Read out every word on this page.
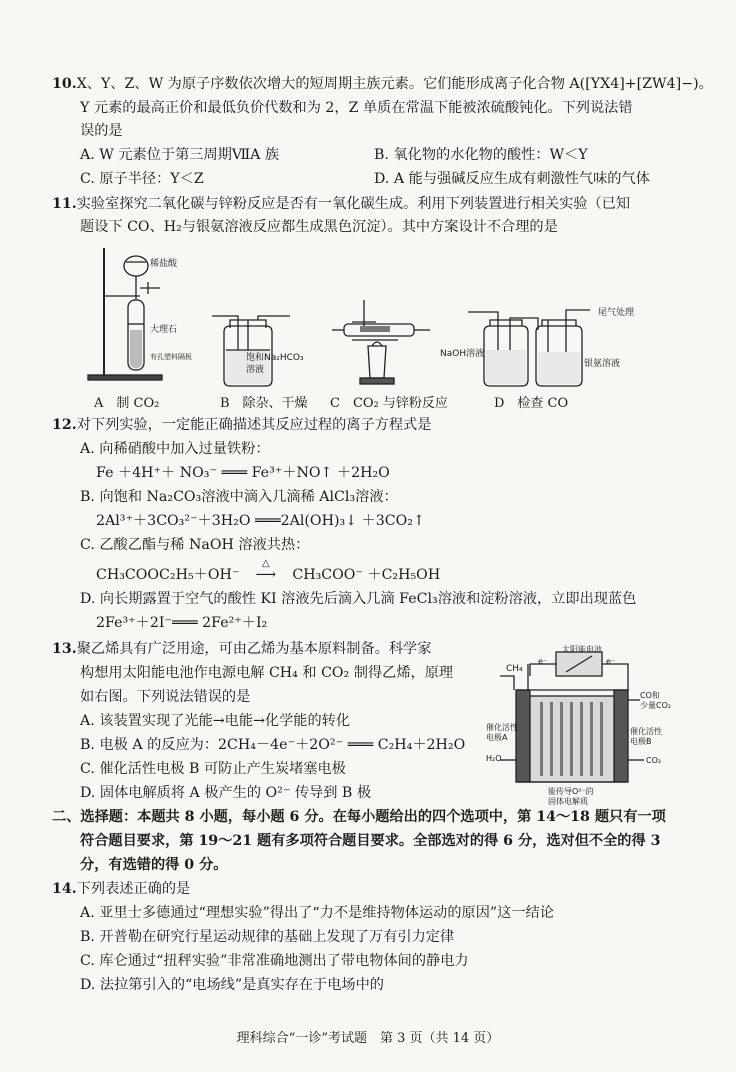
10.X、Y、Z、W 为原子序数依次增大的短周期主族元素。它们能形成离子化合物 A([YX4]+[ZW4]−)。
Y 元素的最高正价和最低负价代数和为 2，Z 单质在常温下能被浓硫酸钝化。下列说法错
误的是
A. W 元素位于第三周期ⅦA 族	B. 氧化物的水化物的酸性：W＜Y
C. 原子半径：Y＜Z	D. A 能与强碱反应生成有刺激性气味的气体
11.实验室探究二氧化碳与锌粉反应是否有一氧化碳生成。利用下列装置进行相关实验（已知
题设下 CO、H₂与银氨溶液反应都生成黑色沉淀）。其中方案设计不合理的是
稀盐酸
大理石
有孔塑料隔板	饱和Na₂HCO₃
溶液
尾气处理
NaOH溶液
银氨溶液
A　制 CO₂	B　除杂、干燥 C　CO₂ 与锌粉反应	D　检查 CO
12.对下列实验，一定能正确描述其反应过程的离子方程式是
A. 向稀硝酸中加入过量铁粉：
Fe ＋4H⁺＋ NO₃⁻ ═══ Fe³⁺＋NO↑ ＋2H₂O
B. 向饱和 Na₂CO₃溶液中滴入几滴稀 AlCl₃溶液：
2Al³⁺＋3CO₃²⁻＋3H₂O ═══2Al(OH)₃↓ ＋3CO₂↑
C. 乙酸乙酯与稀 NaOH 溶液共热：
CH₃COOC₂H₅＋OH⁻
△
⟶ CH₃COO⁻ ＋C₂H₅OH
D. 向长期露置于空气的酸性 KI 溶液先后滴入几滴 FeCl₃溶液和淀粉溶液，立即出现蓝色
2Fe³⁺＋2I⁻═══ 2Fe²⁺＋I₂
13.聚乙烯具有广泛用途，可由乙烯为基本原料制备。科学家
构想用太阳能电池作电源电解 CH₄ 和 CO₂ 制得乙烯，原理
如右图。下列说法错误的是
A. 该装置实现了光能→电能→化学能的转化
B. 电极 A 的反应为：2CH₄－4e⁻＋2O²⁻ ═══ C₂H₄＋2H₂O
C. 催化活性电极 B 可防止产生炭堵塞电极
D. 固体电解质将 A 极产生的 O²⁻ 传导到 B 极
太阳能电池
CH₄
e⁻	e⁻
CO和
少量CO₂
催化活性
电极A
催化活性
电极B
H₂O	CO₂
能传导O²⁻的
固体电解质
二、选择题：本题共 8 小题，每小题 6 分。在每小题给出的四个选项中，第 14～18 题只有一项
符合题目要求，第 19～21 题有多项符合题目要求。全部选对的得 6 分，选对但不全的得 3
分，有选错的得 0 分。
14.下列表述正确的是
A. 亚里士多德通过“理想实验”得出了“力不是维持物体运动的原因”这一结论
B. 开普勒在研究行星运动规律的基础上发现了万有引力定律
C. 库仑通过“扭秤实验”非常准确地测出了带电物体间的静电力
D. 法拉第引入的“电场线”是真实存在于电场中的
理科综合“一诊”考试题　第 3 页（共 14 页）
